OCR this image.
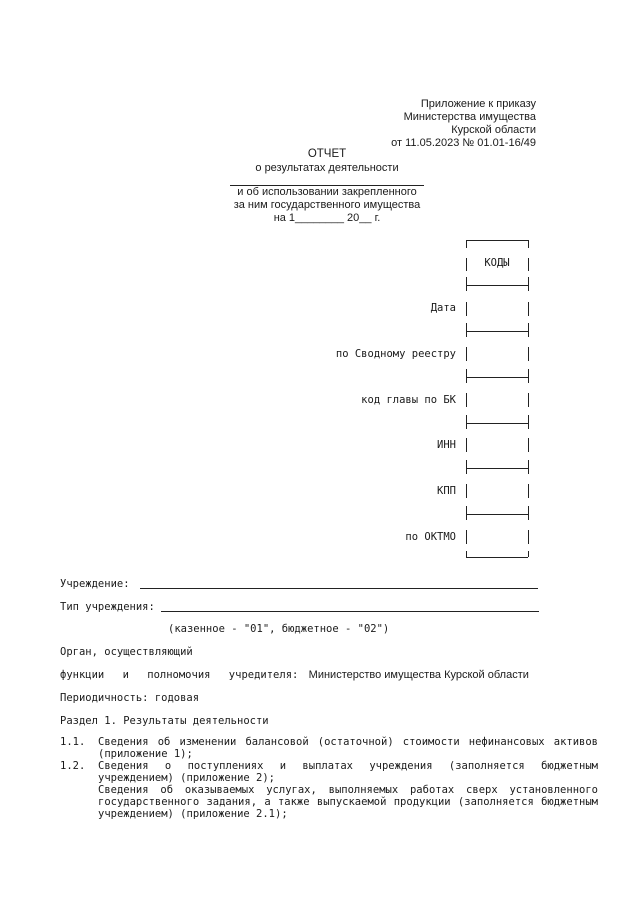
Приложение к приказу
Министерства имущества
Курской области
от 11.05.2023 № 01.01-16/49
ОТЧЕТ
о результатах деятельности
и об использовании закрепленного
за ним государственного имущества
на 1________ 20__ г.
КОДЫ
Дата
по Сводному реестру
код главы по БК
ИНН
КПП
по ОКТМО
Учреждение:
Тип учреждения:
(казенное - "01", бюджетное - "02")
Орган, осуществляющий
функции и полномочия учредителя: Министерство имущества Курской области
Периодичность: годовая
Раздел 1. Результаты деятельности
1.1.	Сведения об изменении балансовой (остаточной) стоимости нефинансовых активов (приложение 1);
1.2.	Сведения о поступлениях и выплатах учреждения (заполняется бюджетным учреждением) (приложение 2);
Сведения об оказываемых услугах, выполняемых работах сверх установленного государственного задания, а также выпускаемой продукции (заполняется бюджетным учреждением) (приложение 2.1);
